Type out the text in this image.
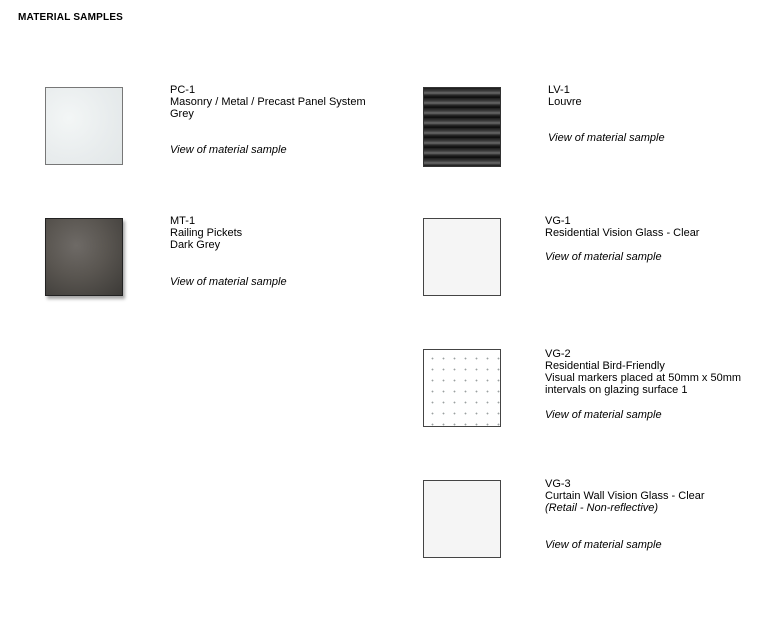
MATERIAL SAMPLES
PC-1
Masonry / Metal / Precast Panel System
Grey
View of material sample
MT-1
Railing Pickets
Dark Grey
View of material sample
LV-1
Louvre
View of material sample
VG-1
Residential Vision Glass - Clear
View of material sample
VG-2
Residential Bird-Friendly
Visual markers placed at 50mm x 50mm
intervals on glazing surface 1
View of material sample
VG-3
Curtain Wall Vision Glass - Clear
(Retail - Non-reflective)
View of material sample
